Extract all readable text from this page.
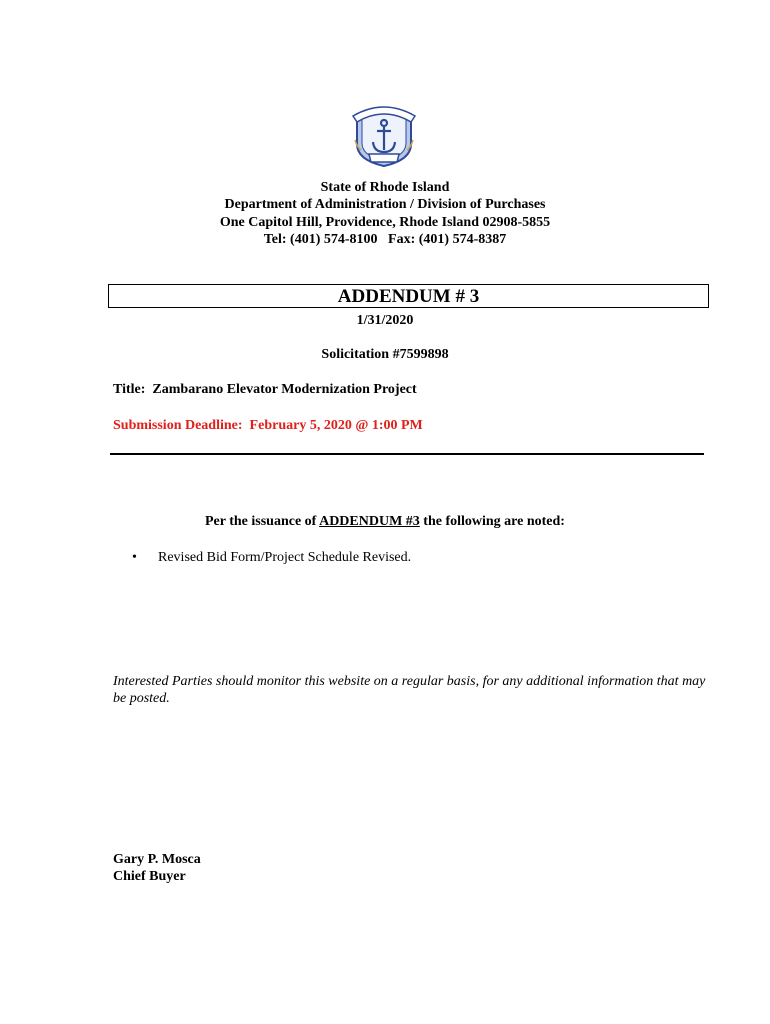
State of Rhode Island
Department of Administration / Division of Purchases
One Capitol Hill, Providence, Rhode Island 02908-5855
Tel: (401) 574-8100   Fax: (401) 574-8387
ADDENDUM # 3
1/31/2020
Solicitation #7599898
Title: Zambarano Elevator Modernization Project
Submission Deadline: February 5, 2020 @ 1:00 PM
Per the issuance of ADDENDUM #3 the following are noted:
• Revised Bid Form/Project Schedule Revised.
Interested Parties should monitor this website on a regular basis, for any additional information that may be posted.
Gary P. Mosca
Chief Buyer
